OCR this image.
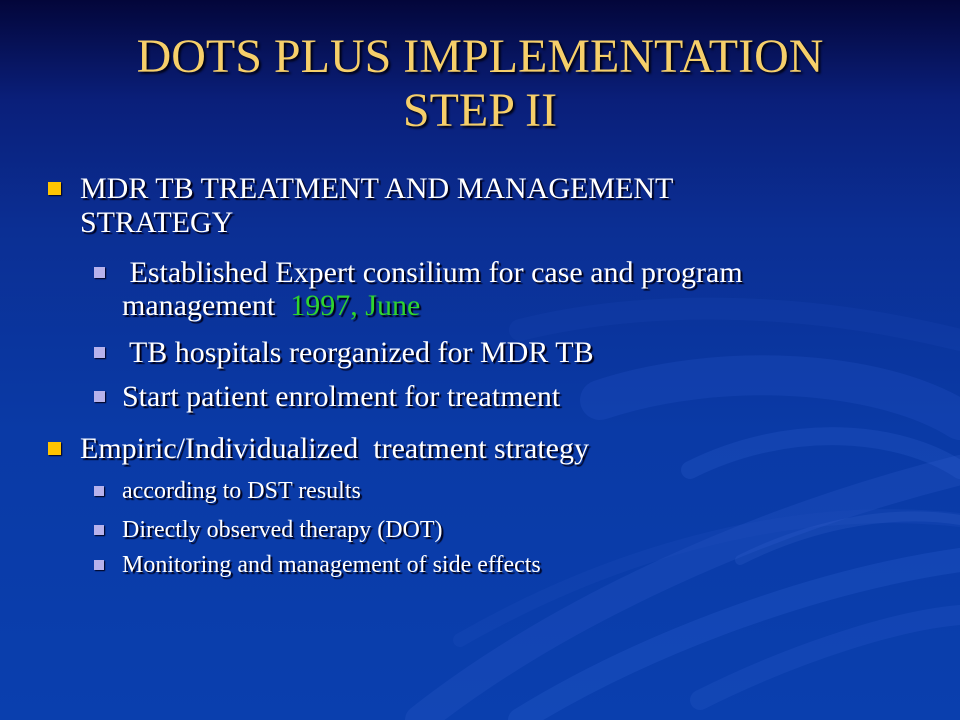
DOTS PLUS IMPLEMENTATION
STEP II
MDR TB TREATMENT AND MANAGEMENT
STRATEGY
Established Expert consilium for case and program
management  1997, June
TB hospitals reorganized for MDR TB
Start patient enrolment for treatment
Empiric/Individualized  treatment strategy
according to DST results
Directly observed therapy (DOT)
Monitoring and management of side effects
